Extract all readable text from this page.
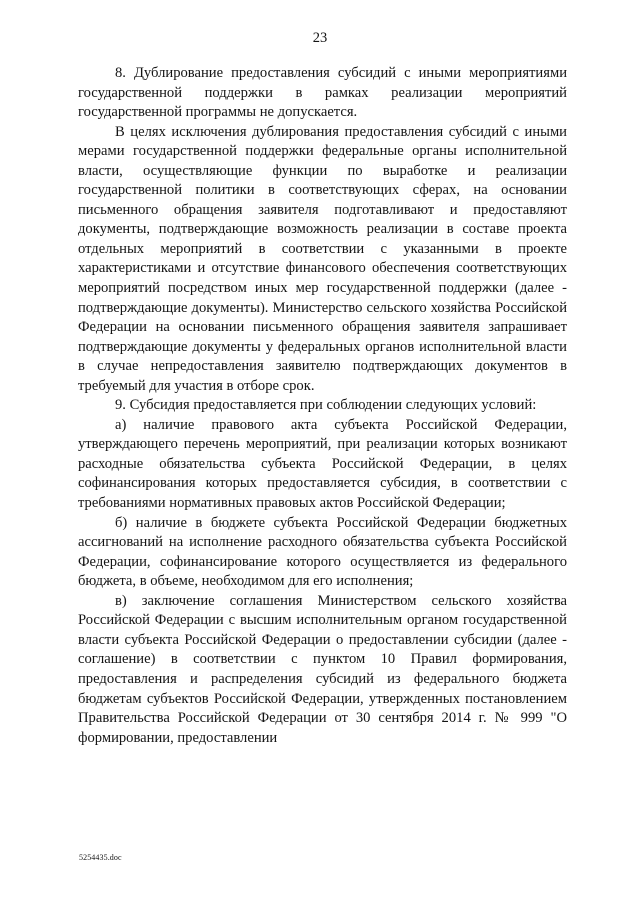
23

8. Дублирование предоставления субсидий с иными мероприятиями государственной поддержки в рамках реализации мероприятий государственной программы не допускается.

В целях исключения дублирования предоставления субсидий с иными мерами государственной поддержки федеральные органы исполнительной власти, осуществляющие функции по выработке и реализации государственной политики в соответствующих сферах, на основании письменного обращения заявителя подготавливают и предоставляют документы, подтверждающие возможность реализации в составе проекта отдельных мероприятий в соответствии с указанными в проекте характеристиками и отсутствие финансового обеспечения соответствующих мероприятий посредством иных мер государственной поддержки (далее - подтверждающие документы). Министерство сельского хозяйства Российской Федерации на основании письменного обращения заявителя запрашивает подтверждающие документы у федеральных органов исполнительной власти в случае непредоставления заявителю подтверждающих документов в требуемый для участия в отборе срок.

9. Субсидия предоставляется при соблюдении следующих условий:

а) наличие правового акта субъекта Российской Федерации, утверждающего перечень мероприятий, при реализации которых возникают расходные обязательства субъекта Российской Федерации, в целях софинансирования которых предоставляется субсидия, в соответствии с требованиями нормативных правовых актов Российской Федерации;

б) наличие в бюджете субъекта Российской Федерации бюджетных ассигнований на исполнение расходного обязательства субъекта Российской Федерации, софинансирование которого осуществляется из федерального бюджета, в объеме, необходимом для его исполнения;

в) заключение соглашения Министерством сельского хозяйства Российской Федерации с высшим исполнительным органом государственной власти субъекта Российской Федерации о предоставлении субсидии (далее - соглашение) в соответствии с пунктом 10 Правил формирования, предоставления и распределения субсидий из федерального бюджета бюджетам субъектов Российской Федерации, утвержденных постановлением Правительства Российской Федерации от 30 сентября 2014 г. № 999 "О формировании, предоставлении

5254435.doc
